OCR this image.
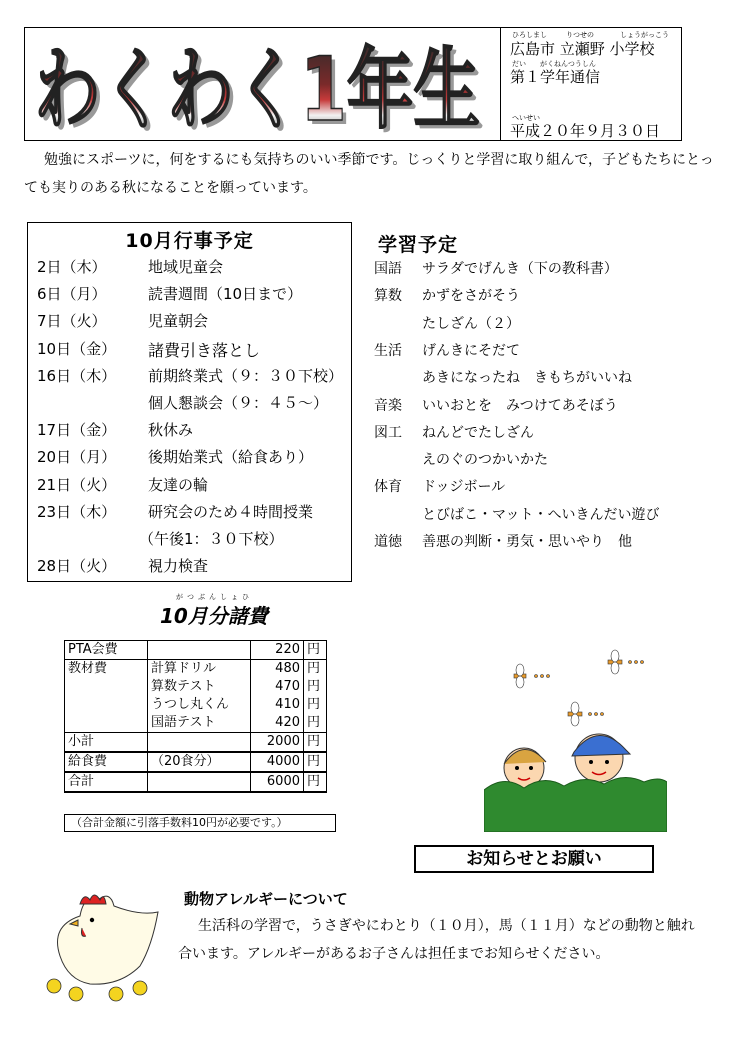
わくわく1年生
わくわく1年生
ひろしまし	りつせの	しょうがっこう
広島市 立瀬野 小学校
だい がくねんつうしん
第１学年通信
へいせい
平成２０年９月３０日
勉強にスポーツに，何をするにも気持ちのいい季節です。じっくりと学習に取り組んで，子どもたちにとっても実りのある秋になることを願っています。
10月行事予定
2日（木）	地域児童会
6日（月）	読書週間（10日まで）
7日（火）	児童朝会
10日（金） 諸費引き落とし
16日（木） 前期終業式（９：３０下校）
個人懇談会（９：４５～）
17日（金） 秋休み
20日（月） 後期始業式（給食あり）
21日（火） 友達の輪
23日（木） 研究会のため４時間授業
（午後1：３０下校）
28日（火） 視力検査
学習予定
国語 サラダでげんき（下の教科書）
算数 かずをさがそう
たしざん（２）
生活 げんきにそだて
あきになったね　きもちがいいね
音楽 いいおとを　みつけてあそぼう
図工 ねんどでたしざん
えのぐのつかいかた
体育 ドッジボール
とびばこ・マット・へいきんだい遊び
道徳 善悪の判断・勇気・思いやり　他
がつぶんしょひ
10月分諸費
PTA会費		220	円
教材費	計算ドリル	480	円
	算数テスト	470	円
	うつし丸くん	410	円
	国語テスト	420	円
小計		2000	円
給食費	（20食分）	4000	円
合計		6000	円
（合計金額に引落手数料10円が必要です。）
お知らせとお願い
動物アレルギーについて
生活科の学習で，うさぎやにわとり（１０月），馬（１１月）などの動物と触れ合います。アレルギーがあるお子さんは担任までお知らせください。
